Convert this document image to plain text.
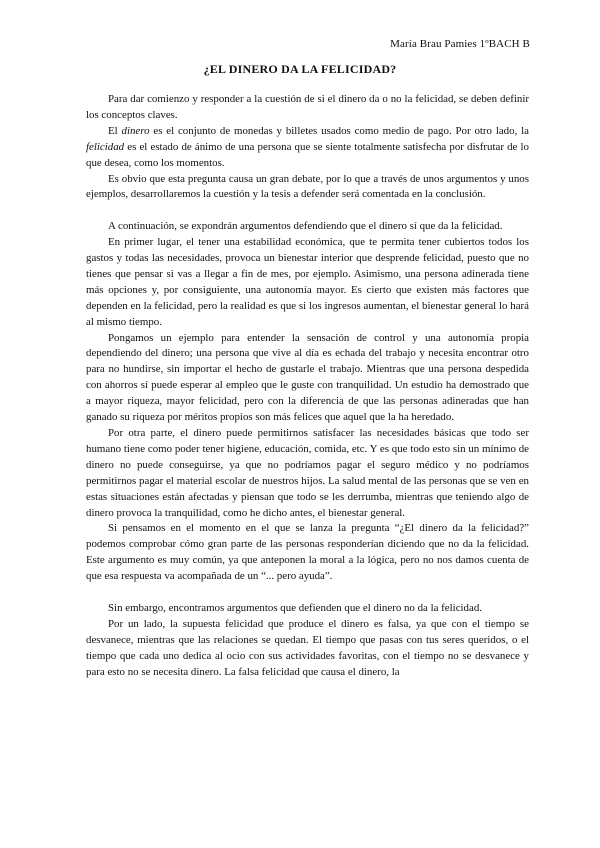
María Brau Pamies 1ºBACH B
¿EL DINERO DA LA FELICIDAD?

Para dar comienzo y responder a la cuestión de si el dinero da o no la felicidad, se deben definir los conceptos claves.

El dinero es el conjunto de monedas y billetes usados como medio de pago. Por otro lado, la felicidad es el estado de ánimo de una persona que se siente totalmente satisfecha por disfrutar de lo que desea, como los momentos.

Es obvio que esta pregunta causa un gran debate, por lo que a través de unos argumentos y unos ejemplos, desarrollaremos la cuestión y la tesis a defender será comentada en la conclusión.

A continuación, se expondrán argumentos defendiendo que el dinero sí que da la felicidad.

En primer lugar, el tener una estabilidad económica, que te permita tener cubiertos todos los gastos y todas las necesidades, provoca un bienestar interior que desprende felicidad, puesto que no tienes que pensar si vas a llegar a fin de mes, por ejemplo. Asimismo, una persona adinerada tiene más opciones y, por consiguiente, una autonomía mayor. Es cierto que existen más factores que dependen en la felicidad, pero la realidad es que si los ingresos aumentan, el bienestar general lo hará al mismo tiempo.

Pongamos un ejemplo para entender la sensación de control y una autonomía propia dependiendo del dinero; una persona que vive al día es echada del trabajo y necesita encontrar otro para no hundirse, sin importar el hecho de gustarle el trabajo. Mientras que una persona despedida con ahorros sí puede esperar al empleo que le guste con tranquilidad. Un estudio ha demostrado que a mayor riqueza, mayor felicidad, pero con la diferencia de que las personas adineradas que han ganado su riqueza por méritos propios son más felices que aquel que la ha heredado.

Por otra parte, el dinero puede permitirnos satisfacer las necesidades básicas que todo ser humano tiene como poder tener higiene, educación, comida, etc. Y es que todo esto sin un mínimo de dinero no puede conseguirse, ya que no podríamos pagar el seguro médico y no podríamos permitirnos pagar el material escolar de nuestros hijos. La salud mental de las personas que se ven en estas situaciones están afectadas y piensan que todo se les derrumba, mientras que teniendo algo de dinero provoca la tranquilidad, como he dicho antes, el bienestar general.

Si pensamos en el momento en el que se lanza la pregunta “¿El dinero da la felicidad?” podemos comprobar cómo gran parte de las personas responderían diciendo que no da la felicidad. Este argumento es muy común, ya que anteponen la moral a la lógica, pero no nos damos cuenta de que esa respuesta va acompañada de un “... pero ayuda”.

Sin embargo, encontramos argumentos que defienden que el dinero no da la felicidad.

Por un lado, la supuesta felicidad que produce el dinero es falsa, ya que con el tiempo se desvanece, mientras que las relaciones se quedan. El tiempo que pasas con tus seres queridos, o el tiempo que cada uno dedica al ocio con sus actividades favoritas, con el tiempo no se desvanece y para esto no se necesita dinero. La falsa felicidad que causa el dinero, la
